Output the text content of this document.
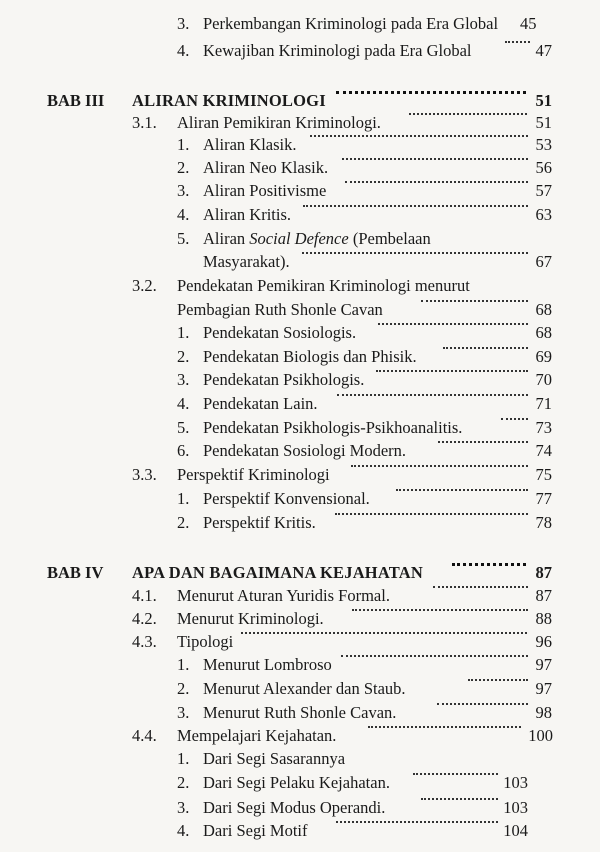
3. Perkembangan Kriminologi pada Era Global 45
4. Kewajiban Kriminologi pada Era Global	47
BAB III ALIRAN KRIMINOLOGI	51
3.1. Aliran Pemikiran Kriminologi.	51
1. Aliran Klasik.	53
2. Aliran Neo Klasik.	56
3. Aliran Positivisme	57
4. Aliran Kritis.	63
5. Aliran Social Defence (Pembelaan
Masyarakat).	67
3.2. Pendekatan Pemikiran Kriminologi menurut
Pembagian Ruth Shonle Cavan	68
1. Pendekatan Sosiologis.	68
2. Pendekatan Biologis dan Phisik.	69
3. Pendekatan Psikhologis.	70
4. Pendekatan Lain.	71
5. Pendekatan Psikhologis-Psikhoanalitis.	73
6. Pendekatan Sosiologi Modern.	74
3.3. Perspektif Kriminologi	75
1. Perspektif Konvensional.	77
2. Perspektif Kritis.	78
BAB IV APA DAN BAGAIMANA KEJAHATAN	87
4.1. Menurut Aturan Yuridis Formal.	87
4.2. Menurut Kriminologi.	88
4.3. Tipologi	96
1. Menurut Lombroso	97
2. Menurut Alexander dan Staub.	97
3. Menurut Ruth Shonle Cavan.	98
4.4. Mempelajari Kejahatan.	100
1. Dari Segi Sasarannya
2. Dari Segi Pelaku Kejahatan.	103
3. Dari Segi Modus Operandi.	103
4. Dari Segi Motif	104
